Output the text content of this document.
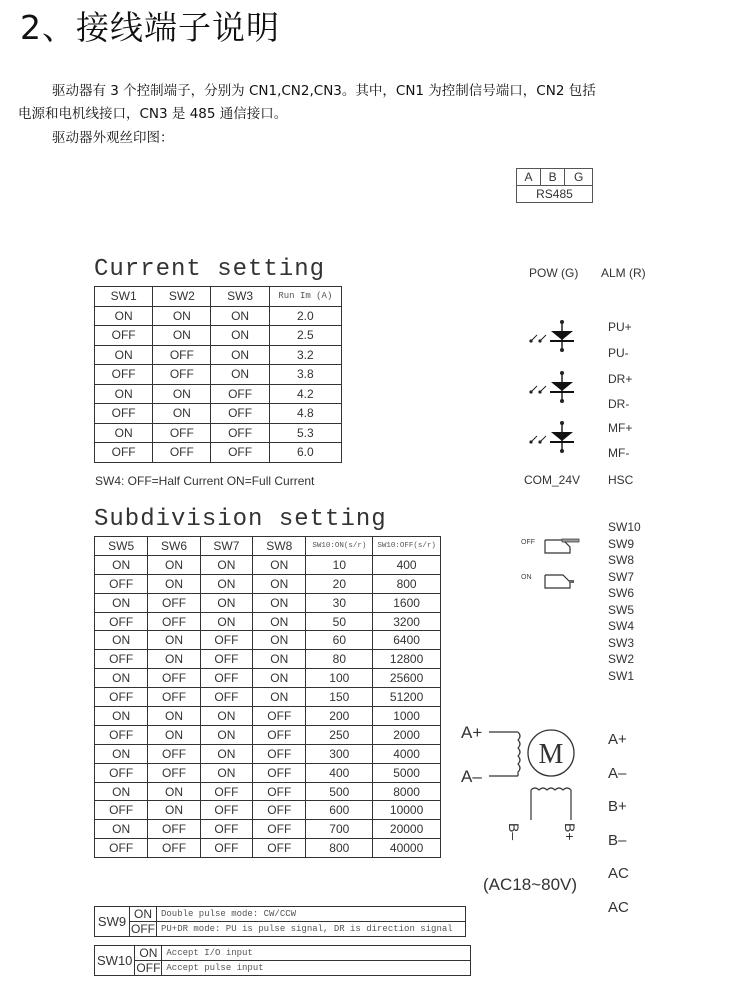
2、接线端子说明
驱动器有 3 个控制端子，分别为 CN1,CN2,CN3。其中，CN1 为控制信号端口，CN2 包括
电源和电机线接口，CN3 是 485 通信接口。
驱动器外观丝印图：
A	B	G
RS485
Current setting
SW1	SW2	SW3	Run Im (A)
ON	ON	ON	2.0
OFF	ON	ON	2.5
ON	OFF	ON	3.2
OFF	OFF	ON	3.8
ON	ON	OFF	4.2
OFF	ON	OFF	4.8
ON	OFF	OFF	5.3
OFF	OFF	OFF	6.0
SW4: OFF=Half Current ON=Full Current
Subdivision setting
SW5	SW6	SW7	SW8	SW10:ON(s/r)	SW10:OFF(s/r)
ON	ON	ON	ON	10	400
OFF	ON	ON	ON	20	800
ON	OFF	ON	ON	30	1600
OFF	OFF	ON	ON	50	3200
ON	ON	OFF	ON	60	6400
OFF	ON	OFF	ON	80	12800
ON	OFF	OFF	ON	100	25600
OFF	OFF	OFF	ON	150	51200
ON	ON	ON	OFF	200	1000
OFF	ON	ON	OFF	250	2000
ON	OFF	ON	OFF	300	4000
OFF	OFF	ON	OFF	400	5000
ON	ON	OFF	OFF	500	8000
OFF	ON	OFF	OFF	600	10000
ON	OFF	OFF	OFF	700	20000
OFF	OFF	OFF	OFF	800	40000
SW9	ON	Double pulse mode: CW/CCW
	OFF	PU+DR mode: PU is pulse signal, DR is direction signal
SW10	ON	Accept I/O input
	OFF	Accept pulse input
POW (G) ALM (R)
PU+
PU-
DR+
DR-
MF+
MF-
COM_24V HSC
OFF
ON
SW10
SW9
SW8
SW7
SW6
SW5
SW4
SW3
SW2
SW1
A+
A–
M
B–	B+
(AC18~80V)
A+
A–
B+
B–
AC
AC
